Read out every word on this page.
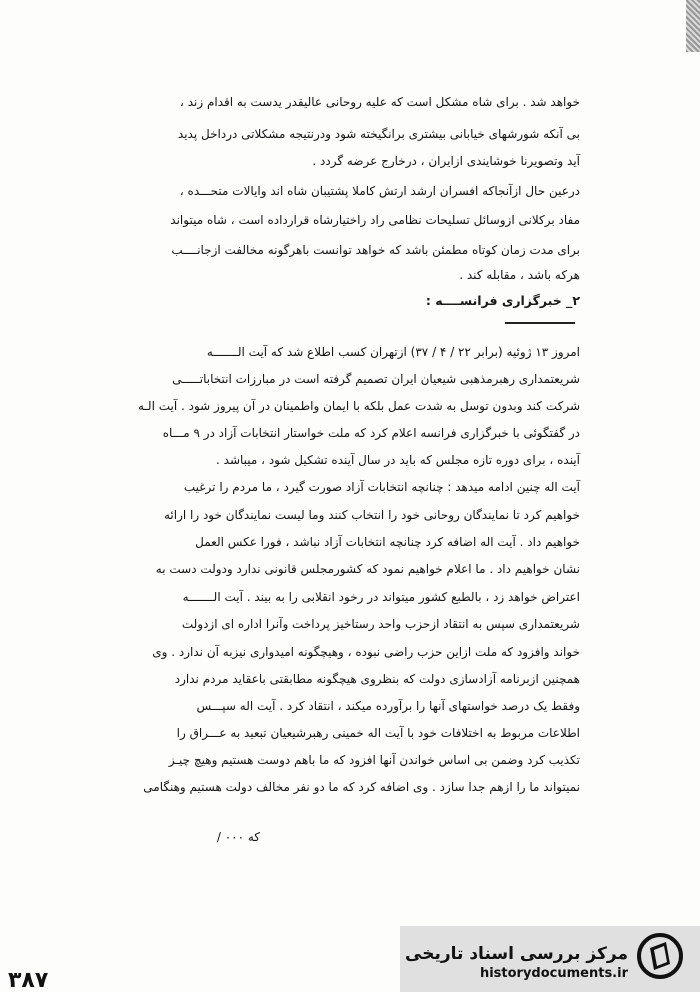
خواهد شد . برای شاه مشکل است که علیه روحانی عالیقدر یدست به اقدام زند ،
بی آنکه شورشهای خیابانی بیشتری برانگیخته شود ودرنتیجه مشکلاتی درداخل پدید
آید وتصویرنا خوشایندی ازایران ، درخارج عرضه گردد .
درعین حال ازآنجاکه افسران ارشد ارتش کاملا پشتیبان شاه اند وایالات متحـــده ،
مفاد برکلانی ازوسائل تسلیحات نظامی راد راختیارشاه قرارداده است ، شاه میتواند
برای مدت زمان کوتاه مطمئن باشد که خواهد توانست باهرگونه مخالفت ازجانــــب
هرکه باشد ، مقابله کند .
۲_ خبرگزاری فرانســــه :
امروز ۱۳ ژوئیه (برابر ۲۲ / ۴ / ۳۷) ازتهران کسب اطلاع شد که آیت الـــــــه
شریعتمداری رهبرمذهبی شیعیان ایران تصمیم گرفته است در مبارزات انتخاباتـــــی
شرکت کند وبدون توسل به شدت عمل بلکه با ایمان واطمینان در آن پیروز شود . آیت الـه
در گفتگوئی با خبرگزاری فرانسه اعلام کرد که ملت خواستار انتخابات آزاد در ۹ مـــاه
آینده ، برای دوره تازه مجلس که باید در سال آینده تشکیل شود ، میباشد .
آیت اله چنین ادامه میدهد : چنانچه انتخابات آزاد صورت گیرد ، ما مردم را ترغیب
خواهیم کرد تا نمایندگان روحانی خود را انتخاب کنند وما لیست نمایندگان خود را ارائه
خواهیم داد . آیت اله اضافه کرد چنانچه انتخابات آزاد نباشد ، فورا عکس العمل
نشان خواهیم داد . ما اعلام خواهیم نمود که کشورمجلس قانونی ندارد ودولت دست به
اعتراض خواهد زد ، بالطبع کشور میتواند در رخود انقلابی را به بیند . آیت الـــــــه
شریعتمداری سپس به انتقاد ازحزب واحد رستاخیز پرداخت وآنرا اداره ای ازدولت
خواند وافزود که ملت ازاین حزب راضی نبوده ، وهیچگونه امیدواری نیزبه آن ندارد . وی
همچنین ازبرنامه آزادسازی دولت که بنظروی هیچگونه مطابقتی باعقاید مردم ندارد
وفقط یک درصد خواستهای آنها را برآورده میکند ، انتقاد کرد . آیت اله سپـــس
اطلاعات مربوط به اختلافات خود با آیت اله خمینی رهبرشیعیان تبعید به عـــراق را
تکذیب کرد وضمن بی اساس خواندن آنها افزود که ما باهم دوست هستیم وهیچ چیـز
نمیتواند ما را ازهم جدا سازد . وی اضافه کرد که ما دو نفر مخالف دولت هستیم وهنگامی
که ۰۰۰ /
مرکز بررسی اسناد تاریخی
historydocuments.ir
۳۸۷
